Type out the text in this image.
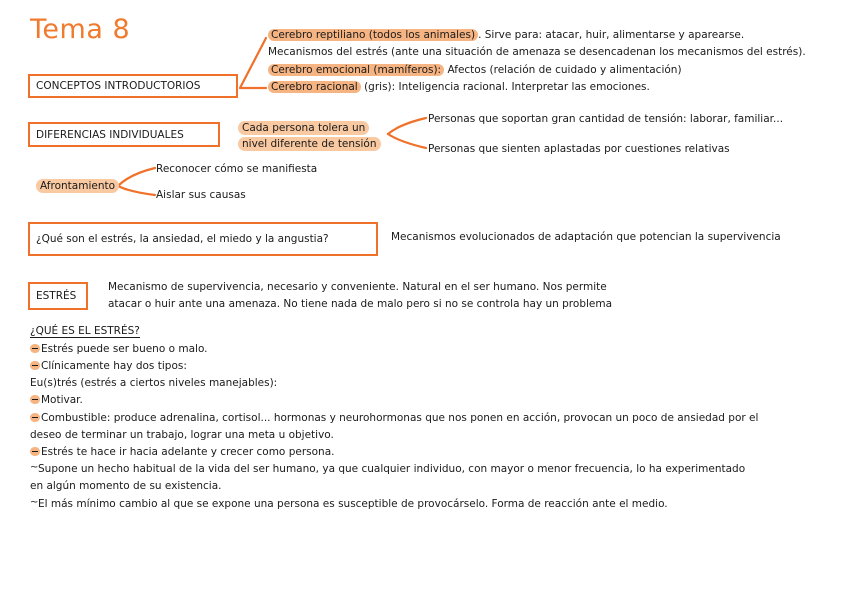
Tema 8
CONCEPTOS INTRODUCTORIOS
Cerebro reptiliano (todos los animales) . Sirve para: atacar, huir, alimentarse y aparearse.
Mecanismos del estrés (ante una situación de amenaza se desencadenan los mecanismos del estrés).
Cerebro emocional (mamíferos): Afectos (relación de cuidado y alimentación)
Cerebro racional (gris): Inteligencia racional. Interpretar las emociones.
DIFERENCIAS INDIVIDUALES
Cada persona tolera un
nivel diferente de tensión
Personas que soportan gran cantidad de tensión: laborar, familiar...
Personas que sienten aplastadas por cuestiones relativas
Afrontamiento
Reconocer cómo se manifiesta
Aislar sus causas
¿Qué son el estrés, la ansiedad, el miedo y la angustia?	Mecanismos evolucionados de adaptación que potencian la supervivencia
ESTRÉS
Mecanismo de supervivencia, necesario y conveniente. Natural en el ser humano. Nos permite
atacar o huir ante una amenaza. No tiene nada de malo pero si no se controla hay un problema
¿QUÉ ES EL ESTRÉS?
Estrés puede ser bueno o malo.
Clínicamente hay dos tipos:
Eu(s)trés (estrés a ciertos niveles manejables):
Motivar.
Combustible: produce adrenalina, cortisol... hormonas y neurohormonas que nos ponen en acción, provocan un poco de ansiedad por el
deseo de terminar un trabajo, lograr una meta u objetivo.
Estrés te hace ir hacia adelante y crecer como persona.
~Supone un hecho habitual de la vida del ser humano, ya que cualquier individuo, con mayor o menor frecuencia, lo ha experimentado
en algún momento de su existencia.
~El más mínimo cambio al que se expone una persona es susceptible de provocárselo. Forma de reacción ante el medio.
